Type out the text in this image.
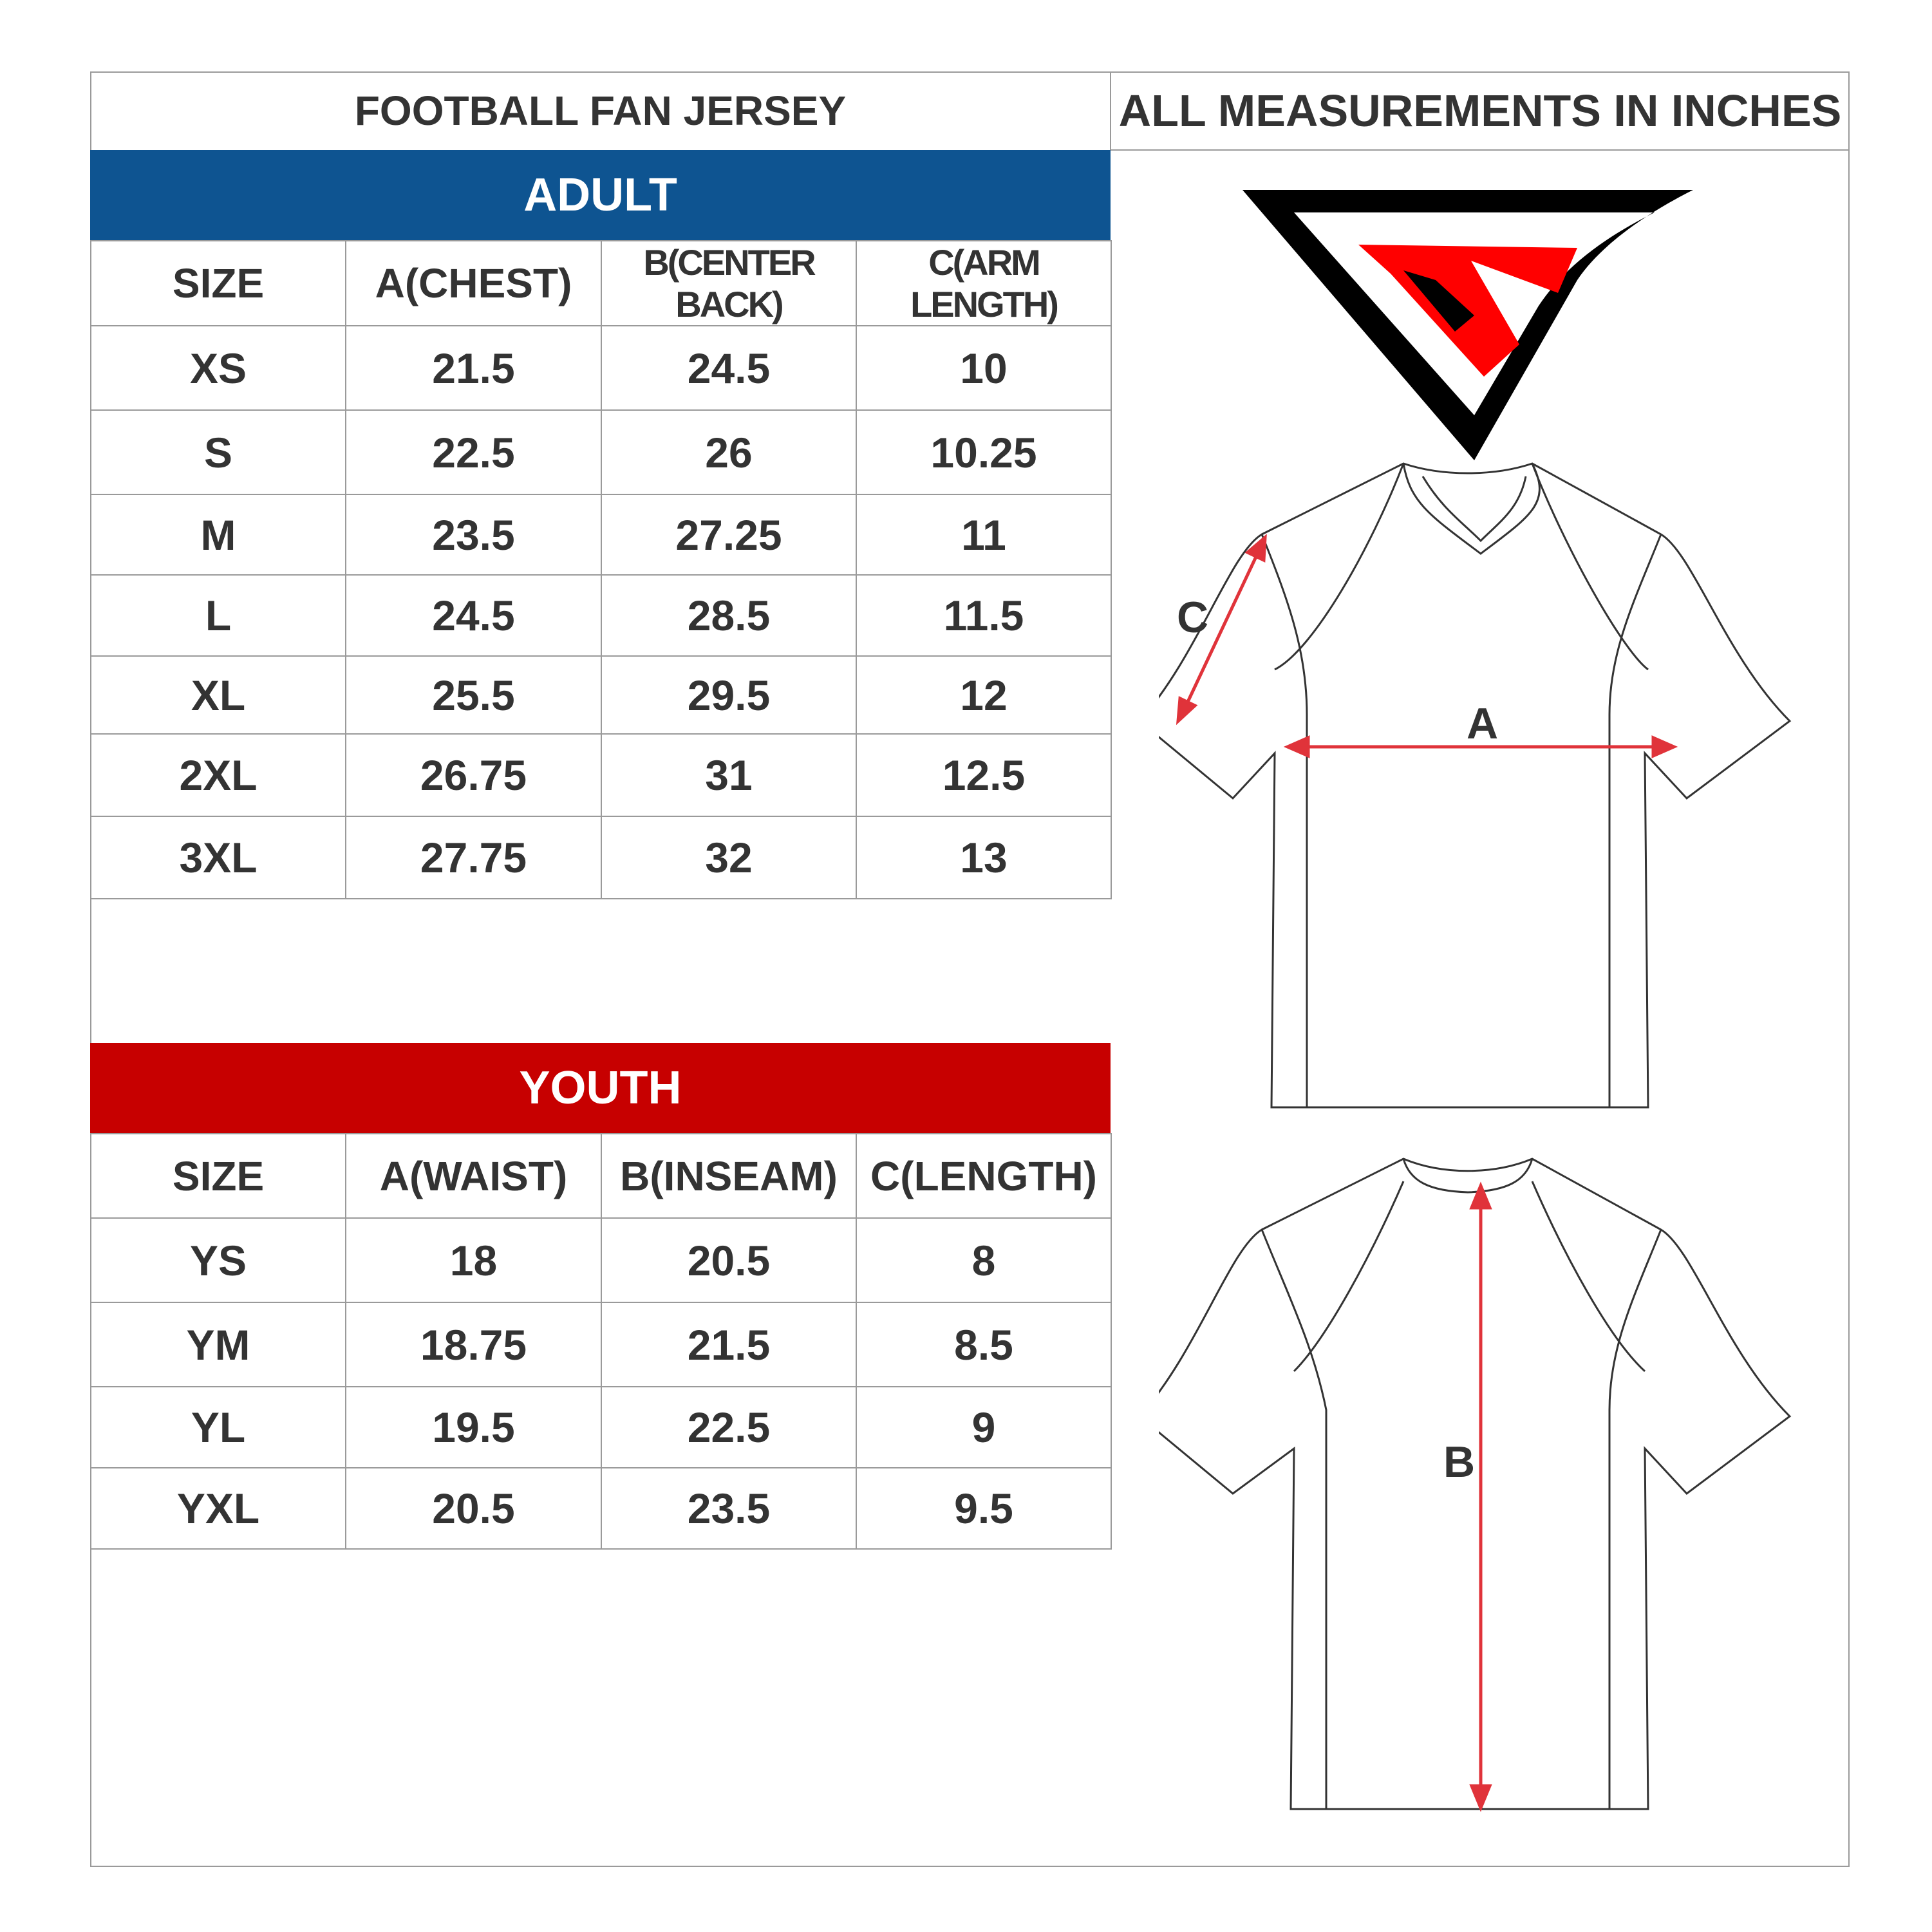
FOOTBALL FAN JERSEY	ALL MEASUREMENTS IN INCHES
ADULT
SIZE	A(CHEST)	B(CENTER BACK)	C(ARM LENGTH)
XS	21.5	24.5	10
S	22.5	26	10.25
M	23.5	27.25	11
L	24.5	28.5	11.5
XL	25.5	29.5	12
2XL	26.75	31	12.5
3XL	27.75	32	13
YOUTH
SIZE	A(WAIST)	B(INSEAM)	C(LENGTH)
YS	18	20.5	8
YM	18.75	21.5	8.5
YL	19.5	22.5	9
YXL	20.5	23.5	9.5
A
C
B
